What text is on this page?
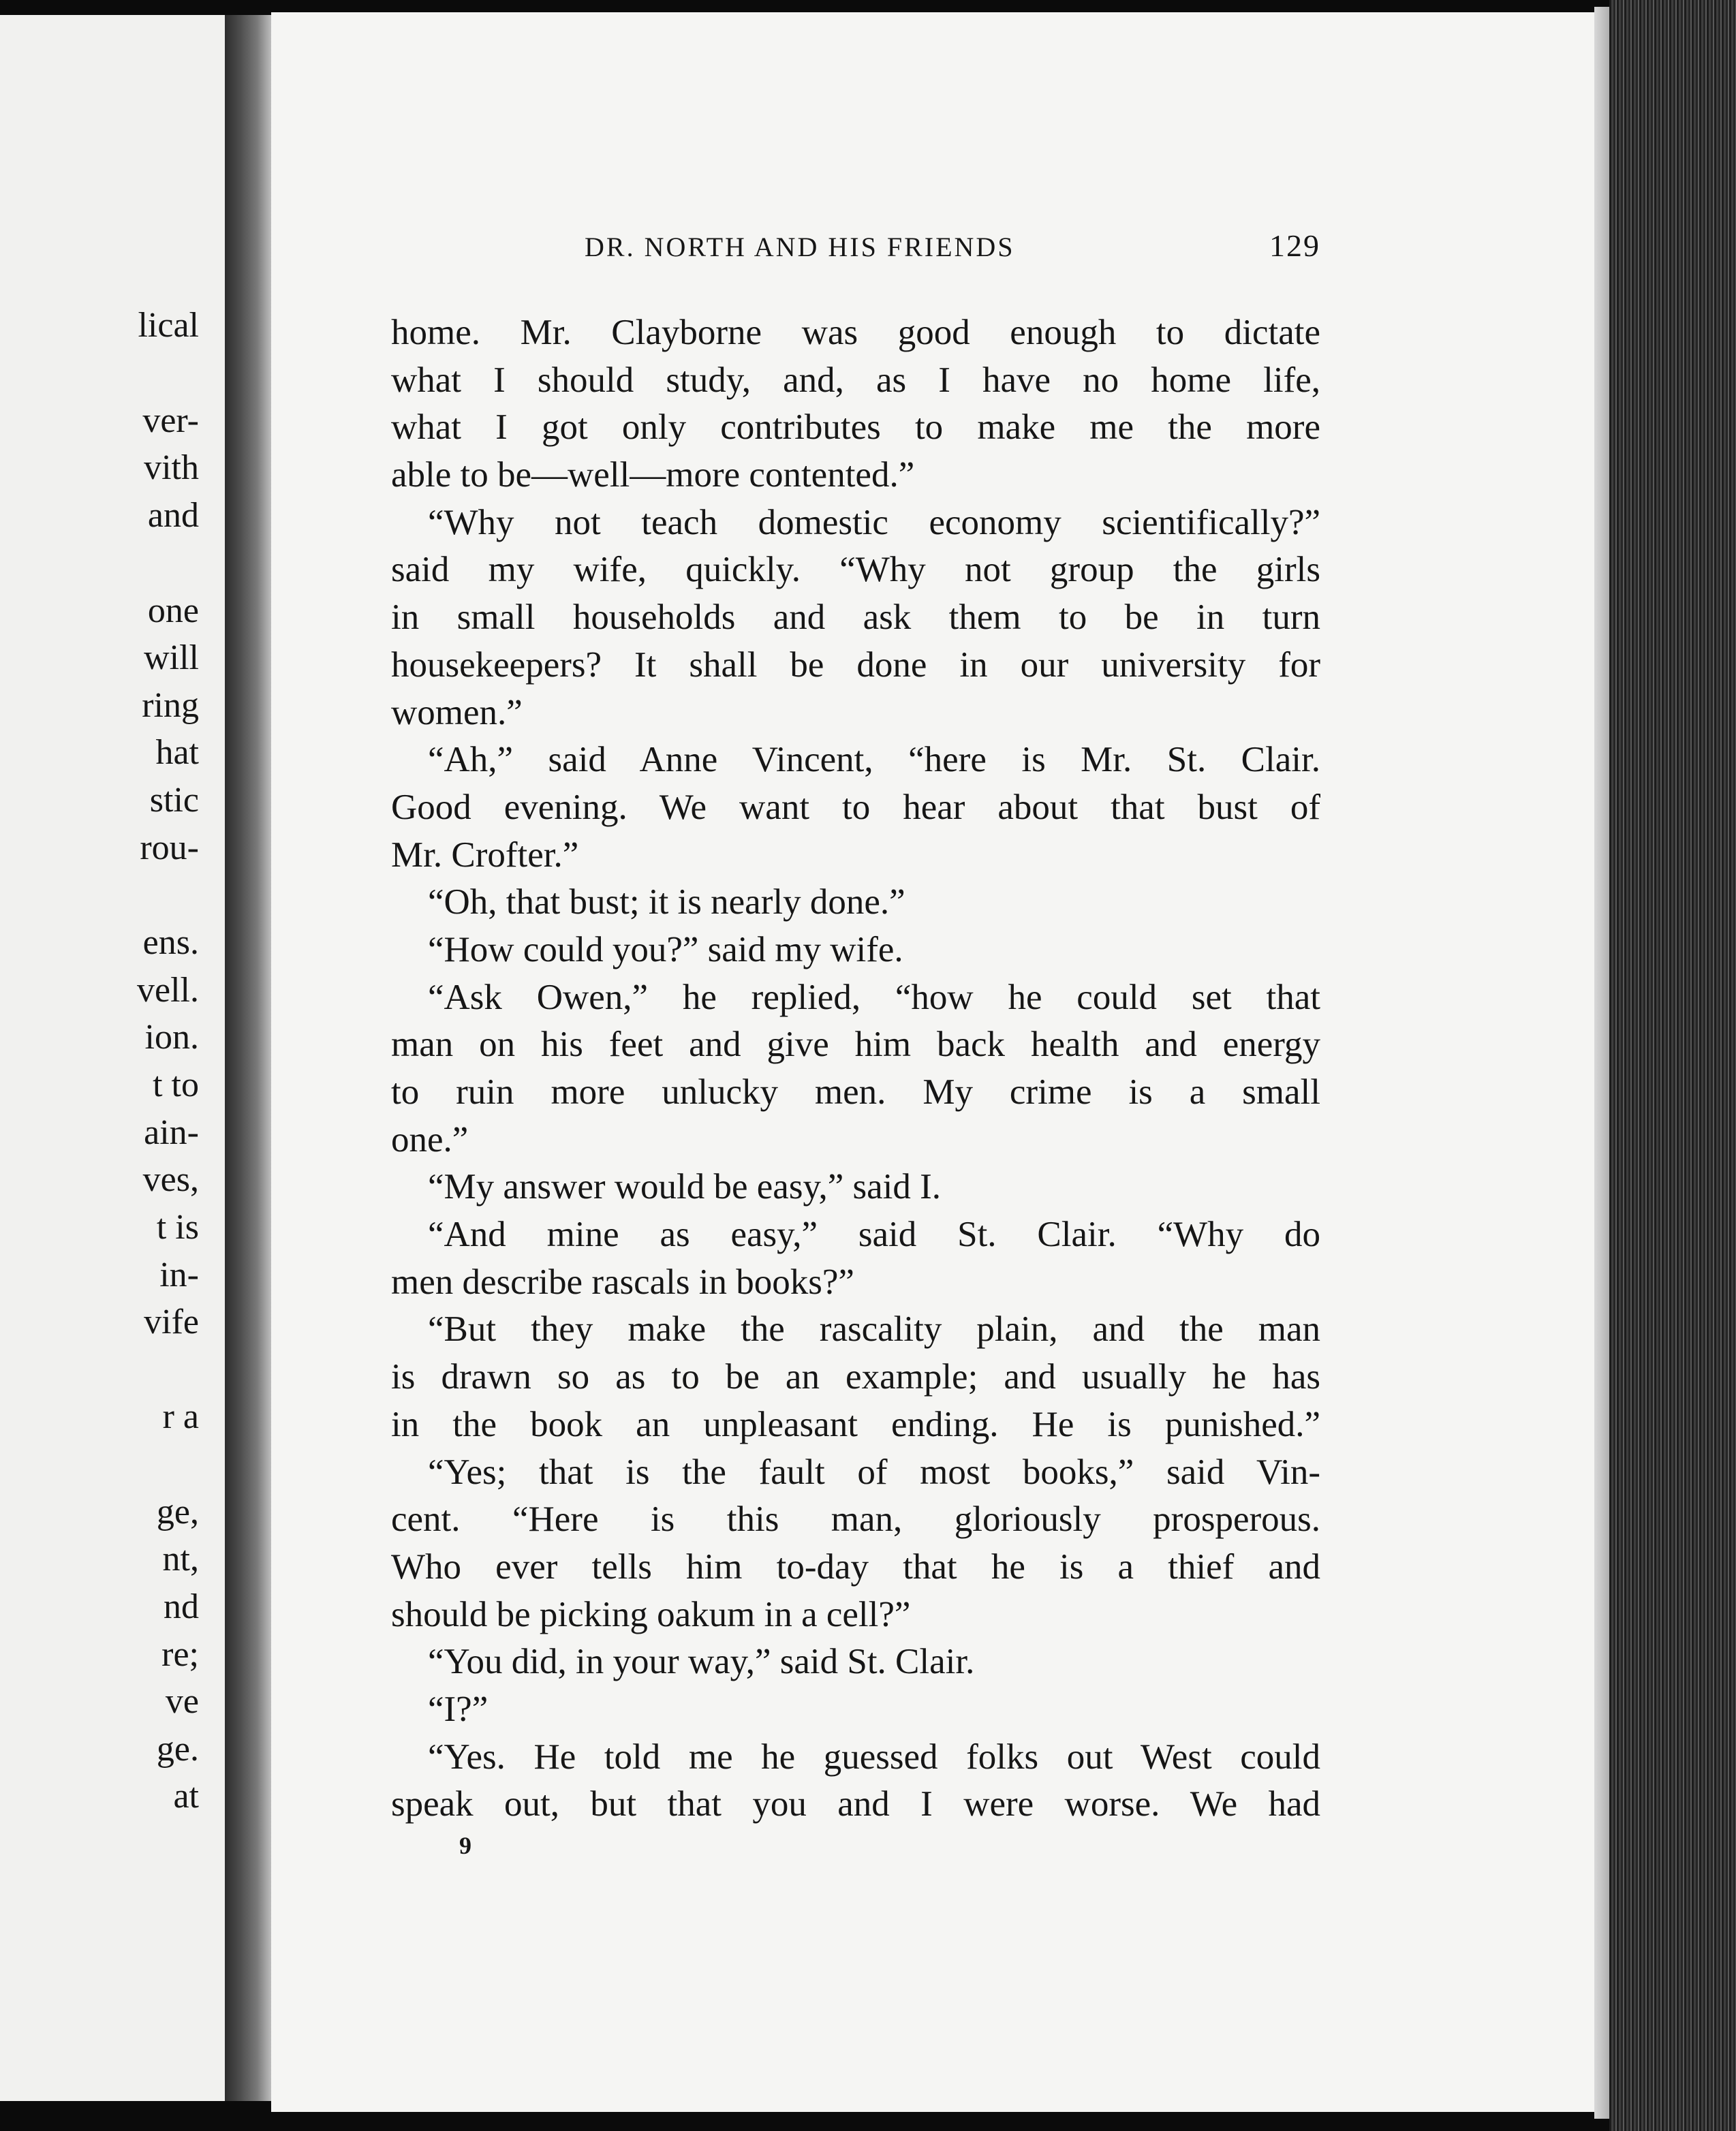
lical
ver-
vith
and
one
will
ring
hat
stic
rou-
ens.
vell.
ion.
t to
ain-
ves,
t is
in-
vife
r a
ge,
nt,
nd
re;
ve
ge.
at
DR. NORTH AND HIS FRIENDS	129
home. Mr. Clayborne was good enough to dictate
what I should study, and, as I have no home life,
what I got only contributes to make me the more
able to be—well—more contented.”
“Why not teach domestic economy scientifically?”
said my wife, quickly. “Why not group the girls
in small households and ask them to be in turn
housekeepers? It shall be done in our university for
women.”
“Ah,” said Anne Vincent, “here is Mr. St. Clair.
Good evening. We want to hear about that bust of
Mr. Crofter.”
“Oh, that bust; it is nearly done.”
“How could you?” said my wife.
“Ask Owen,” he replied, “how he could set that
man on his feet and give him back health and energy
to ruin more unlucky men. My crime is a small
one.”
“My answer would be easy,” said I.
“And mine as easy,” said St. Clair. “Why do
men describe rascals in books?”
“But they make the rascality plain, and the man
is drawn so as to be an example; and usually he has
in the book an unpleasant ending. He is punished.”
“Yes; that is the fault of most books,” said Vin-
cent. “Here is this man, gloriously prosperous.
Who ever tells him to-day that he is a thief and
should be picking oakum in a cell?”
“You did, in your way,” said St. Clair.
“I?”
“Yes. He told me he guessed folks out West could
speak out, but that you and I were worse. We had
9
